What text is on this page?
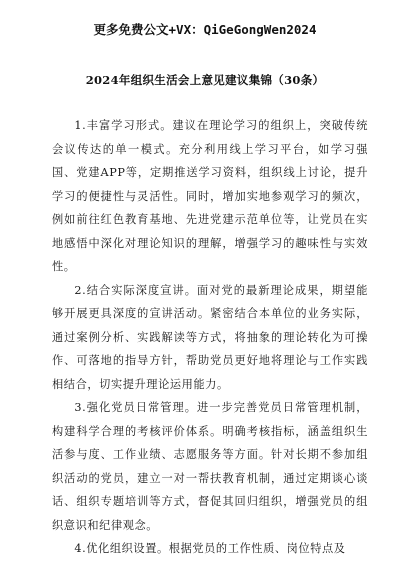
更多免费公文+VX：QiGeGongWen2024
2024年组织生活会上意见建议集锦（30条）

1.丰富学习形式。建议在理论学习的组织上，突破传统会议传达的单一模式。充分利用线上学习平台，如学习强国、党建APP等，定期推送学习资料，组织线上讨论，提升学习的便捷性与灵活性。同时，增加实地参观学习的频次，例如前往红色教育基地、先进党建示范单位等，让党员在实地感悟中深化对理论知识的理解，增强学习的趣味性与实效性。

2.结合实际深度宣讲。面对党的最新理论成果，期望能够开展更具深度的宣讲活动。紧密结合本单位的业务实际，通过案例分析、实践解读等方式，将抽象的理论转化为可操作、可落地的指导方针，帮助党员更好地将理论与工作实践相结合，切实提升理论运用能力。

3.强化党员日常管理。进一步完善党员日常管理机制，构建科学合理的考核评价体系。明确考核指标，涵盖组织生活参与度、工作业绩、志愿服务等方面。针对长期不参加组织活动的党员，建立一对一帮扶教育机制，通过定期谈心谈话、组织专题培训等方式，督促其回归组织，增强党员的组织意识和纪律观念。

4.优化组织设置。根据党员的工作性质、岗位特点及
